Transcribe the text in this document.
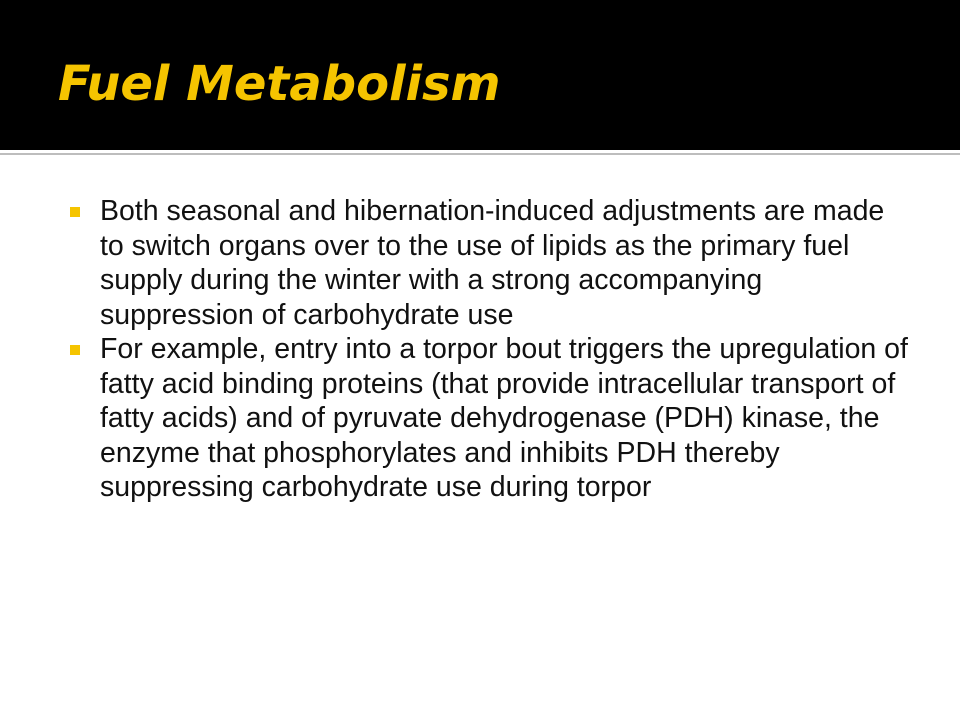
Fuel Metabolism
Both seasonal and hibernation-induced adjustments are made to switch organs over to the use of lipids as the primary fuel supply during the winter with a strong accompanying suppression of carbohydrate use
For example, entry into a torpor bout triggers the upregulation of fatty acid binding proteins (that provide intracellular transport of fatty acids) and of pyruvate dehydrogenase (PDH) kinase, the enzyme that phosphorylates and inhibits PDH thereby suppressing carbohydrate use during torpor
